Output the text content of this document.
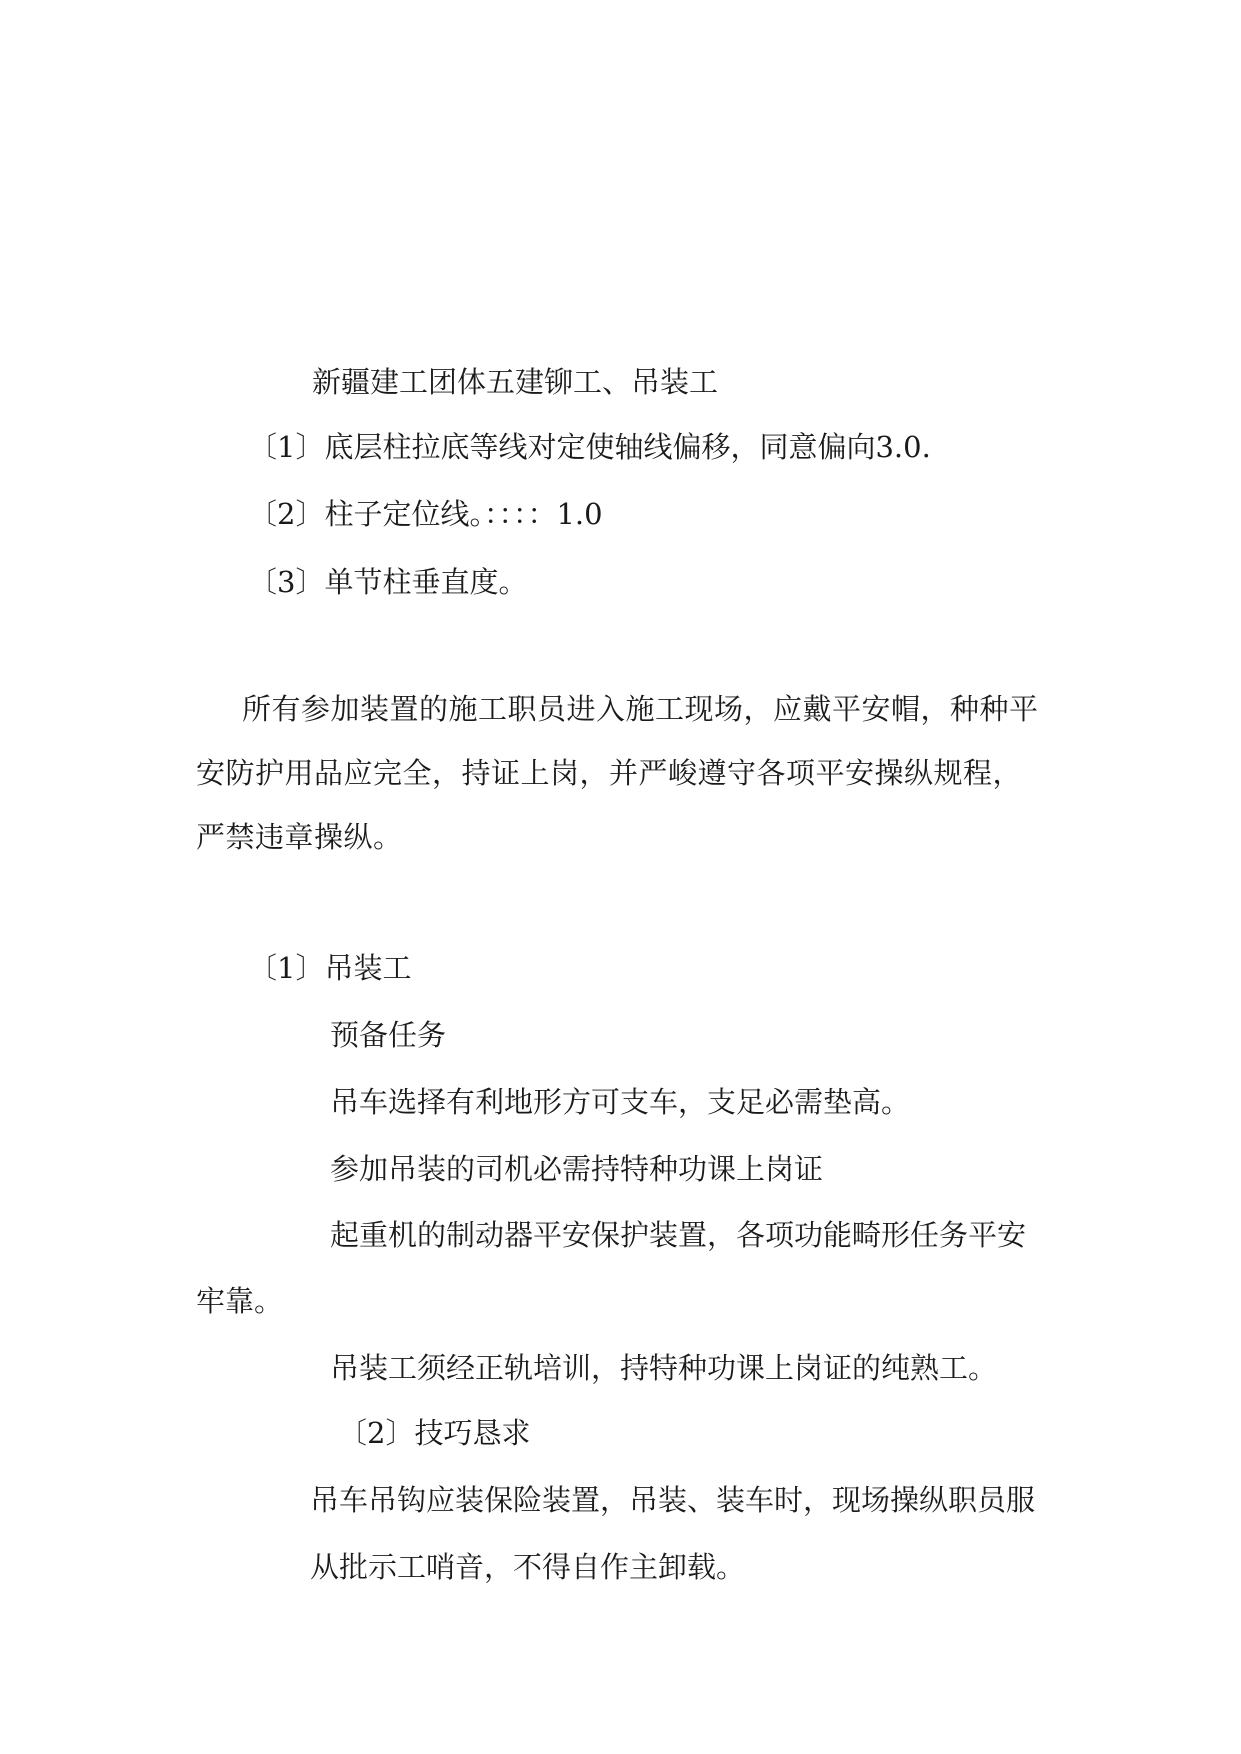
新疆建工团体五建铆工、吊装工
〔1〕底层柱拉底等线对定使轴线偏移，同意偏向3.0.
〔2〕柱子定位线。：：：：1.0
〔3〕单节柱垂直度。
所有参加装置的施工职员进入施工现场，应戴平安帽，种种平安防护用品应完全，持证上岗，并严峻遵守各项平安操纵规程，严禁违章操纵。
〔1〕吊装工
预备任务
吊车选择有利地形方可支车，支足必需垫高。
参加吊装的司机必需持特种功课上岗证
起重机的制动器平安保护装置，各项功能畸形任务平安
牢靠。
吊装工须经正轨培训，持特种功课上岗证的纯熟工。
〔2〕技巧恳求
吊车吊钩应装保险装置，吊装、装车时，现场操纵职员服
从批示工哨音，不得自作主卸载。
